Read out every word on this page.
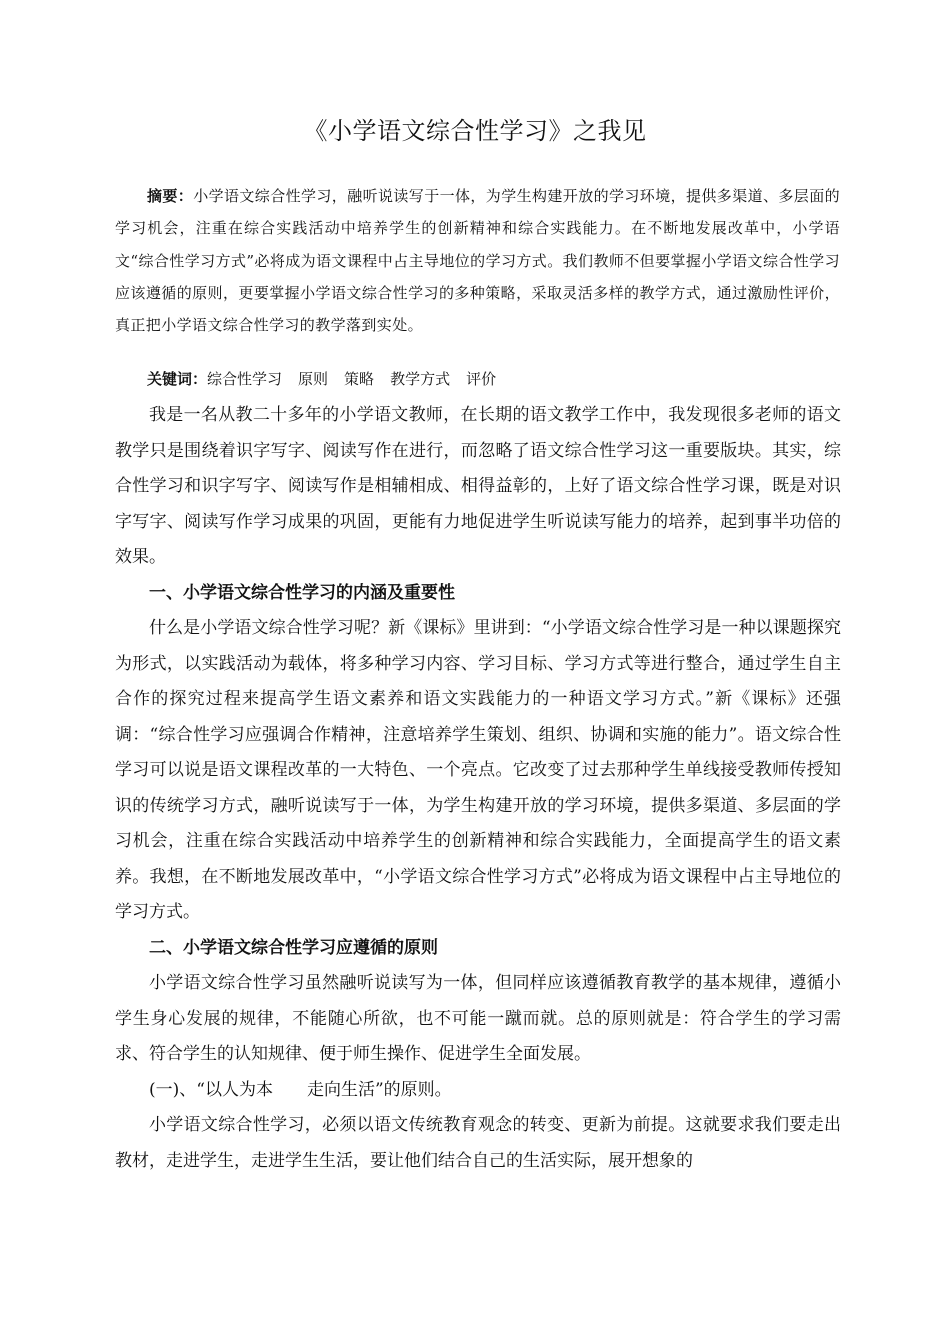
《小学语文综合性学习》之我见
摘要：小学语文综合性学习，融听说读写于一体，为学生构建开放的学习环境，提供多渠道、多层面的学习机会，注重在综合实践活动中培养学生的创新精神和综合实践能力。在不断地发展改革中，小学语文“综合性学习方式”必将成为语文课程中占主导地位的学习方式。我们教师不但要掌握小学语文综合性学习应该遵循的原则，更要掌握小学语文综合性学习的多种策略，采取灵活多样的教学方式，通过激励性评价，真正把小学语文综合性学习的教学落到实处。
关键词：综合性学习 原则 策略 教学方式 评价

我是一名从教二十多年的小学语文教师，在长期的语文教学工作中，我发现很多老师的语文教学只是围绕着识字写字、阅读写作在进行，而忽略了语文综合性学习这一重要版块。其实，综合性学习和识字写字、阅读写作是相辅相成、相得益彰的，上好了语文综合性学习课，既是对识字写字、阅读写作学习成果的巩固，更能有力地促进学生听说读写能力的培养，起到事半功倍的效果。

一、小学语文综合性学习的内涵及重要性

什么是小学语文综合性学习呢？新《课标》里讲到：“小学语文综合性学习是一种以课题探究为形式，以实践活动为载体，将多种学习内容、学习目标、学习方式等进行整合，通过学生自主合作的探究过程来提高学生语文素养和语文实践能力的一种语文学习方式。”新《课标》还强调：“综合性学习应强调合作精神，注意培养学生策划、组织、协调和实施的能力”。语文综合性学习可以说是语文课程改革的一大特色、一个亮点。它改变了过去那种学生单线接受教师传授知识的传统学习方式，融听说读写于一体，为学生构建开放的学习环境，提供多渠道、多层面的学习机会，注重在综合实践活动中培养学生的创新精神和综合实践能力，全面提高学生的语文素养。我想，在不断地发展改革中，“小学语文综合性学习方式”必将成为语文课程中占主导地位的学习方式。

二、小学语文综合性学习应遵循的原则

小学语文综合性学习虽然融听说读写为一体，但同样应该遵循教育教学的基本规律，遵循小学生身心发展的规律，不能随心所欲，也不可能一蹴而就。总的原则就是：符合学生的学习需求、符合学生的认知规律、便于师生操作、促进学生全面发展。

(一)、“以人为本　　走向生活”的原则。

小学语文综合性学习，必须以语文传统教育观念的转变、更新为前提。这就要求我们要走出教材，走进学生，走进学生生活，要让他们结合自己的生活实际，展开想象的
